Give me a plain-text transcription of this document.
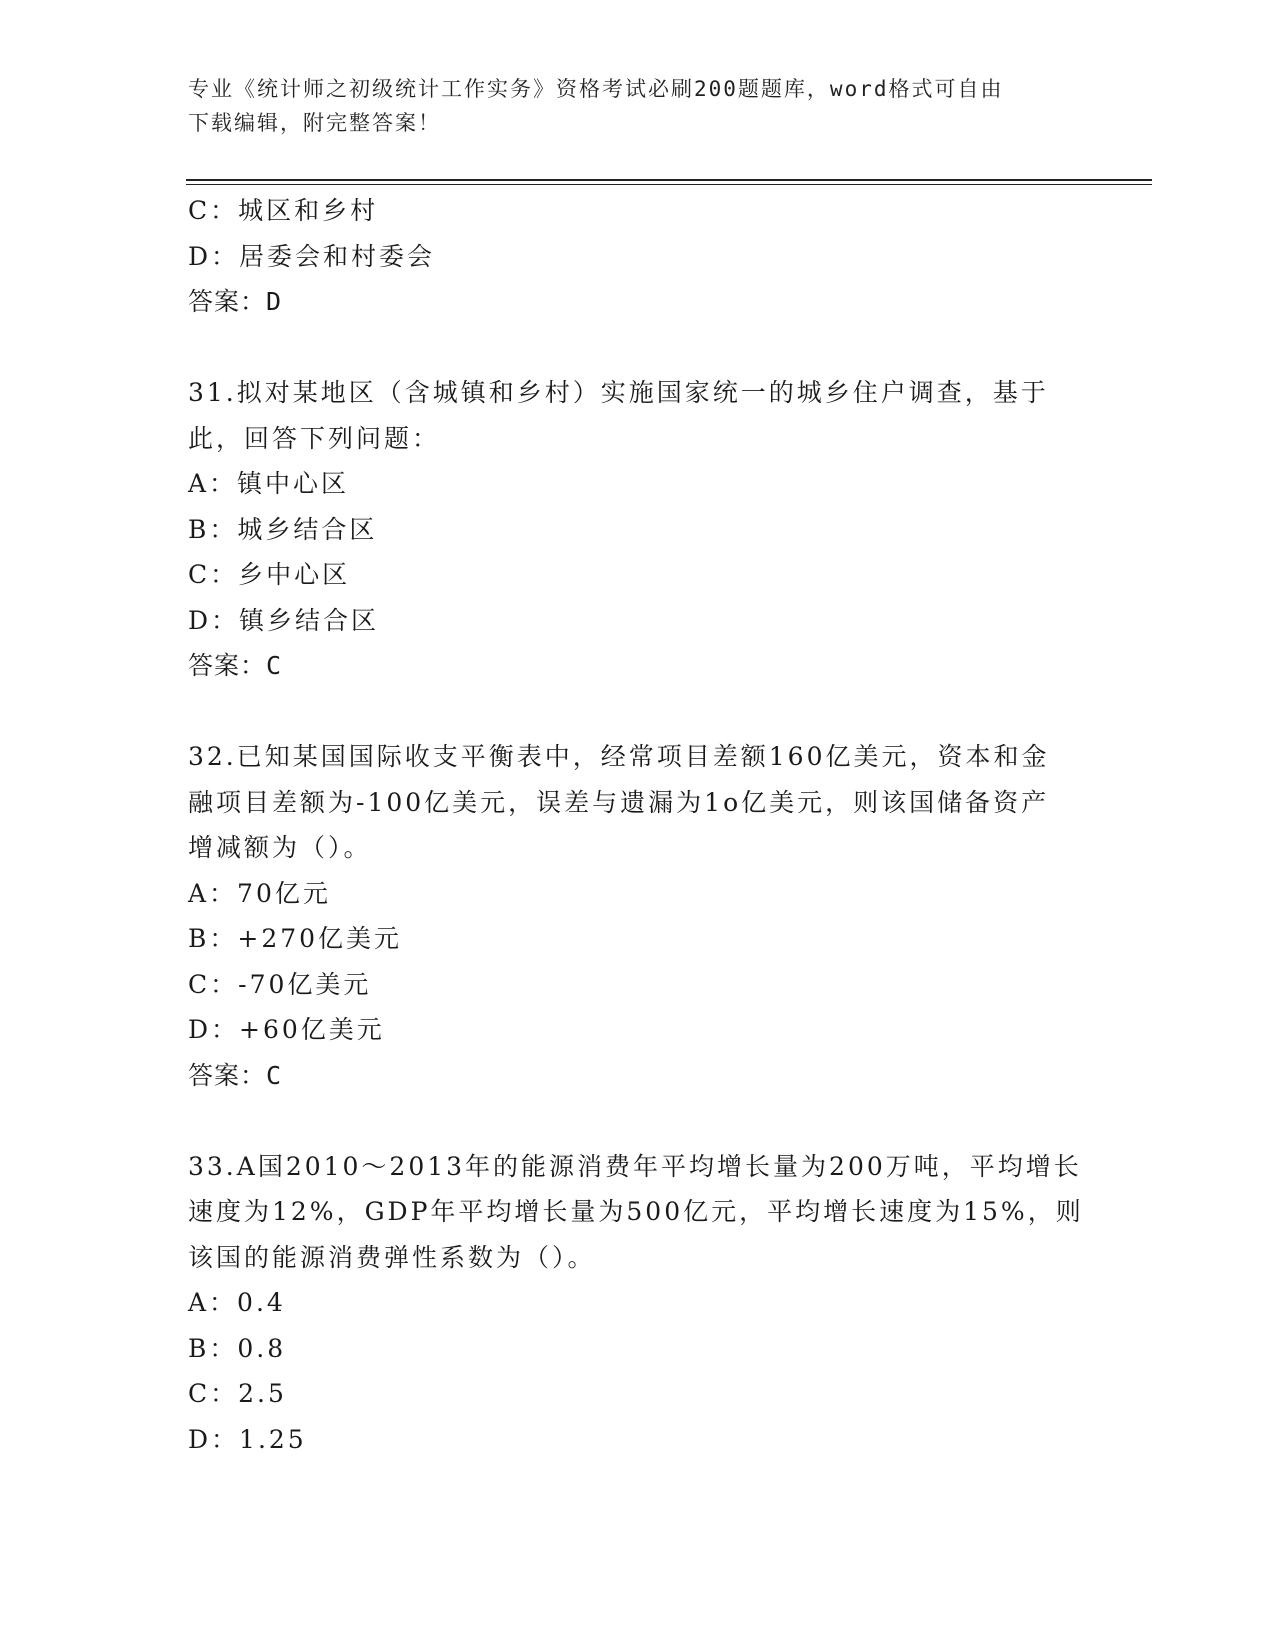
专业《统计师之初级统计工作实务》资格考试必刷200题题库，word格式可自由
下载编辑，附完整答案！
C：城区和乡村
D：居委会和村委会
答案：D
31.拟对某地区（含城镇和乡村）实施国家统一的城乡住户调查，基于
此，回答下列问题：
A：镇中心区
B：城乡结合区
C：乡中心区
D：镇乡结合区
答案：C
32.已知某国国际收支平衡表中，经常项目差额160亿美元，资本和金
融项目差额为-100亿美元，误差与遗漏为1o亿美元，则该国储备资产
增减额为（）。
A：70亿元
B：+270亿美元
C：-70亿美元
D：+60亿美元
答案：C
33.A国2010～2013年的能源消费年平均增长量为200万吨，平均增长
速度为12%，GDP年平均增长量为500亿元，平均增长速度为15%，则
该国的能源消费弹性系数为（）。
A：0.4
B：0.8
C：2.5
D：1.25
